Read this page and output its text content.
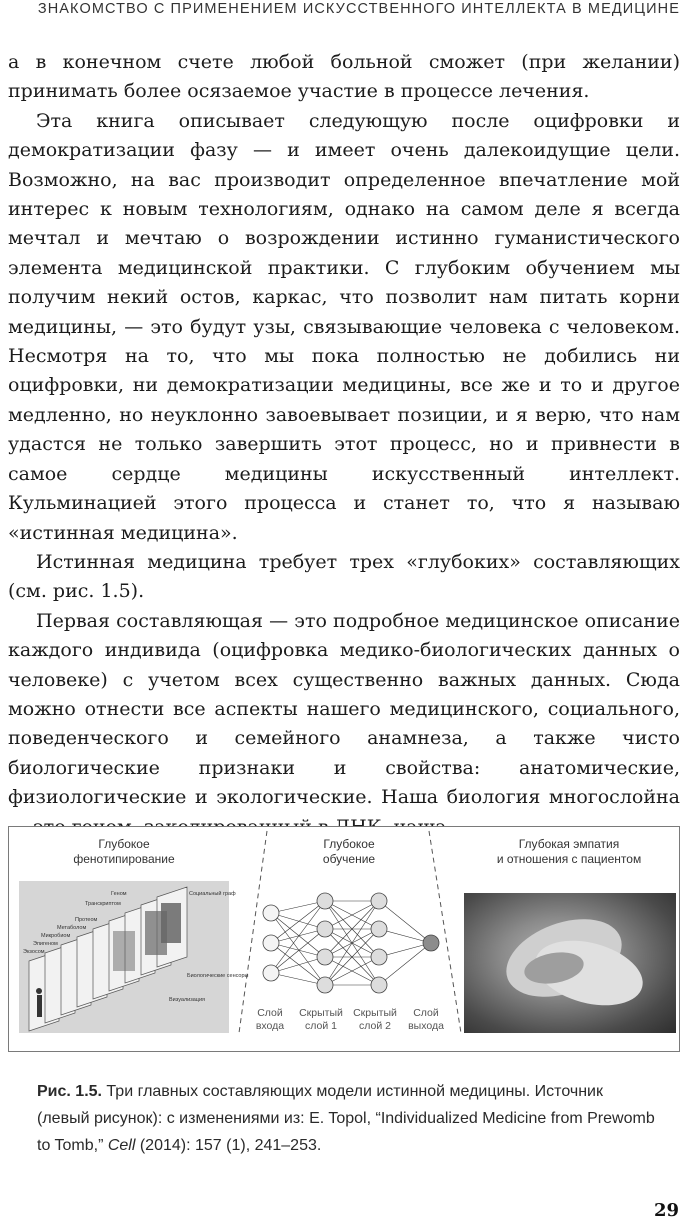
ЗНАКОМСТВО С ПРИМЕНЕНИЕМ ИСКУССТВЕННОГО ИНТЕЛЛЕКТА В МЕДИЦИНЕ

а в конечном счете любой больной сможет (при желании) принимать более осязаемое участие в процессе лечения.

Эта книга описывает следующую после оцифровки и демократизации фазу — и имеет очень далекоидущие цели. Возможно, на вас производит определенное впечатление мой интерес к новым технологиям, однако на самом деле я всегда мечтал и мечтаю о возрождении истинно гуманистического элемента медицинской практики. С глубоким обучением мы получим некий остов, каркас, что позволит нам питать корни медицины, — это будут узы, связывающие человека с человеком. Несмотря на то, что мы пока полностью не добились ни оцифровки, ни демократизации медицины, все же и то и другое медленно, но неуклонно завоевывает позиции, и я верю, что нам удастся не только завершить этот процесс, но и привнести в самое сердце медицины искусственный интеллект. Кульминацией этого процесса и станет то, что я называю «истинная медицина».

Истинная медицина требует трех «глубоких» составляющих (см. рис. 1.5).

Первая составляющая — это подробное медицинское описание каждого индивида (оцифровка медико-биологических данных о человеке) с учетом всех существенно важных данных. Сюда можно отнести все аспекты нашего медицинского, социального, поведенческого и семейного анамнеза, а также чисто биологические признаки и свойства: анатомические, физиологические и экологические. Наша биология многослойна

Глубокое
фенотипирование
Глубокое
обучение
Глубокая эмпатия
и отношения с пациентом
Экзосом
Эпигеном
Микробиом
Метаболом
Протеом
Транскриптом
Геном	Социальный граф
Биологические сенсоры
Визуализация
Слой
входа
Скрытый
слой 1
Скрытый
слой 2
Слой
выхода
Рис. 1.5. Три главных составляющих модели истинной медицины. Источник (левый рисунок): с изменениями из: E. Topol, “Individualized Medicine from Prewomb to Tomb,” Cell (2014): 157 (1), 241–253.
29
